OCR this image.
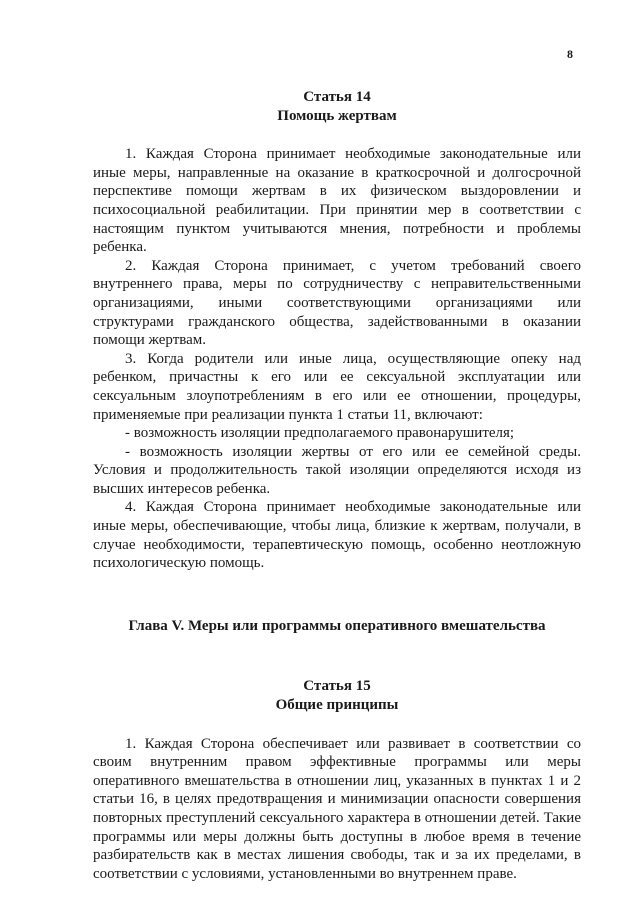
8
Статья 14
Помощь жертвам

1. Каждая Сторона принимает необходимые законодательные или иные меры, направленные на оказание в краткосрочной и долгосрочной перспективе помощи жертвам в их физическом выздоровлении и психосоциальной реабилитации. При принятии мер в соответствии с настоящим пунктом учитываются мнения, потребности и проблемы ребенка.

2. Каждая Сторона принимает, с учетом требований своего внутреннего права, меры по сотрудничеству с неправительственными организациями, иными соответствующими организациями или структурами гражданского общества, задействованными в оказании помощи жертвам.

3. Когда родители или иные лица, осуществляющие опеку над ребенком, причастны к его или ее сексуальной эксплуатации или сексуальным злоупотреблениям в его или ее отношении, процедуры, применяемые при реализации пункта 1 статьи 11, включают:

- возможность изоляции предполагаемого правонарушителя;
- возможность изоляции жертвы от его или ее семейной среды. Условия и продолжительность такой изоляции определяются исходя из высших интересов ребенка.

4. Каждая Сторона принимает необходимые законодательные или иные меры, обеспечивающие, чтобы лица, близкие к жертвам, получали, в случае необходимости, терапевтическую помощь, особенно неотложную психологическую помощь.

Глава V. Меры или программы оперативного вмешательства
Статья 15
Общие принципы

1. Каждая Сторона обеспечивает или развивает в соответствии со своим внутренним правом эффективные программы или меры оперативного вмешательства в отношении лиц, указанных в пунктах 1 и 2 статьи 16, в целях предотвращения и минимизации опасности совершения повторных преступлений сексуального характера в отношении детей. Такие программы или меры должны быть доступны в любое время в течение разбирательств как в местах лишения свободы, так и за их пределами, в соответствии с условиями, установленными во внутреннем праве.
